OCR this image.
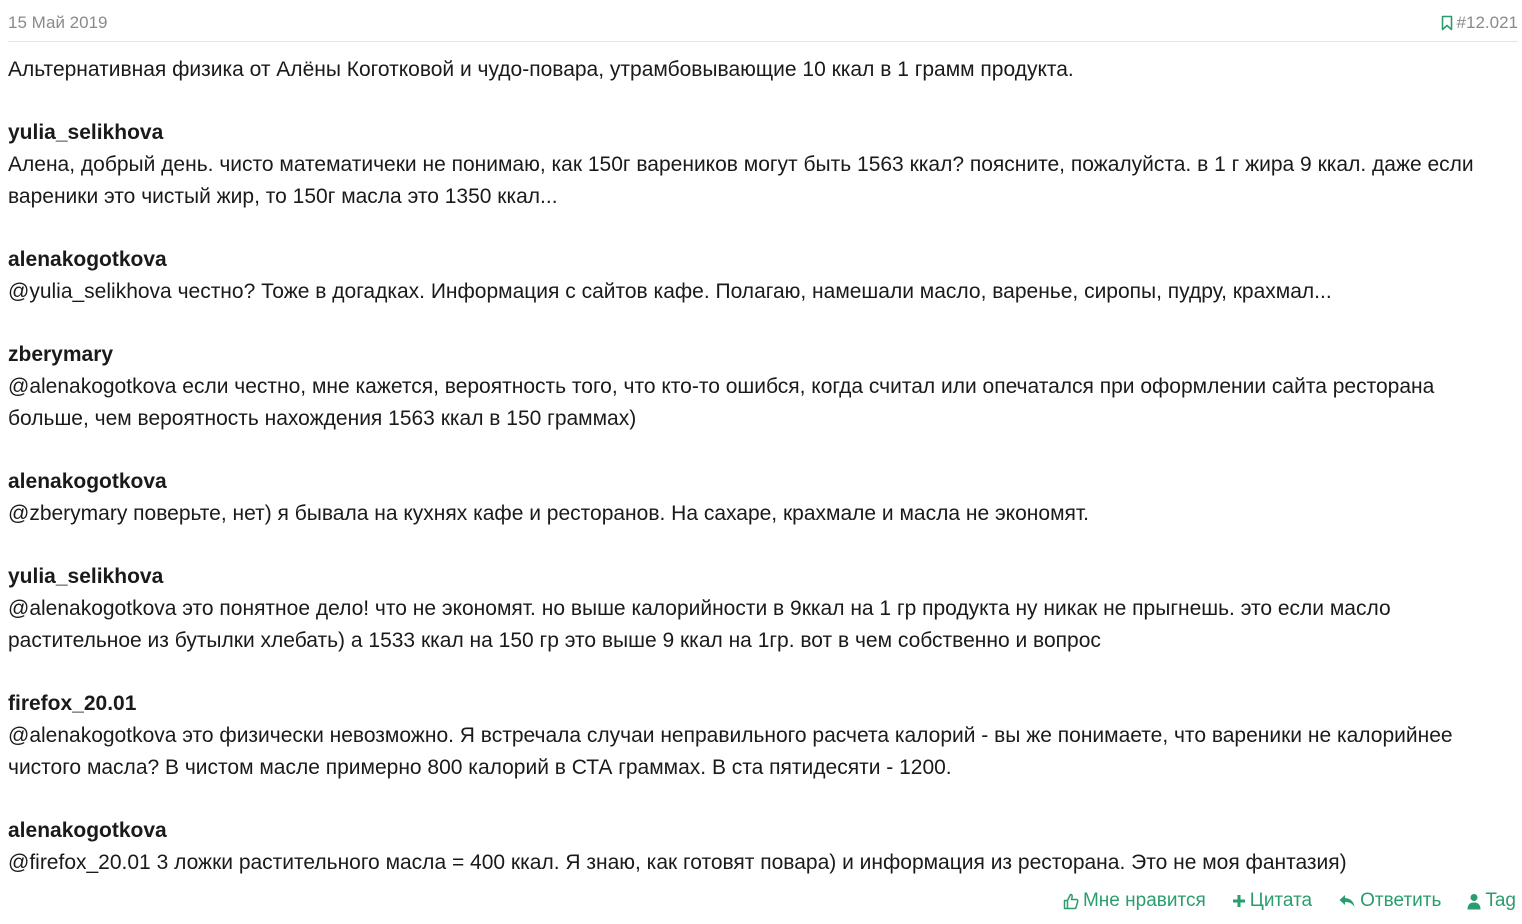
15 Май 2019	#12.021
Альтернативная физика от Алёны Коготковой и чудо-повара, утрамбовывающие 10 ккал в 1 грамм продукта.
yulia_selikhova
Алена, добрый день. чисто математичеки не понимаю, как 150г вареников могут быть 1563 ккал? поясните, пожалуйста. в 1 г жира 9 ккал. даже если вареники это чистый жир, то 150г масла это 1350 ккал...
alenakogotkova
@yulia_selikhova честно? Тоже в догадках. Информация с сайтов кафе. Полагаю, намешали масло, варенье, сиропы, пудру, крахмал...
zberymary
@alenakogotkova если честно, мне кажется, вероятность того, что кто-то ошибся, когда считал или опечатался при оформлении сайта ресторана больше, чем вероятность нахождения 1563 ккал в 150 граммах)
alenakogotkova
@zberymary поверьте, нет) я бывала на кухнях кафе и ресторанов. На сахаре, крахмале и масла не экономят.
yulia_selikhova
@alenakogotkova это понятное дело! что не экономят. но выше калорийности в 9ккал на 1 гр продукта ну никак не прыгнешь. это если масло растительное из бутылки хлебать) а 1533 ккал на 150 гр это выше 9 ккал на 1гр. вот в чем собственно и вопрос
firefox_20.01
@alenakogotkova это физически невозможно. Я встречала случаи неправильного расчета калорий - вы же понимаете, что вареники не калорийнее чистого масла? В чистом масле примерно 800 калорий в СТА граммах. В ста пятидесяти - 1200.
alenakogotkova
@firefox_20.01 3 ложки растительного масла = 400 ккал. Я знаю, как готовят повара) и информация из ресторана. Это не моя фантазия)
Мне нравится Цитата	Ответить Tag
